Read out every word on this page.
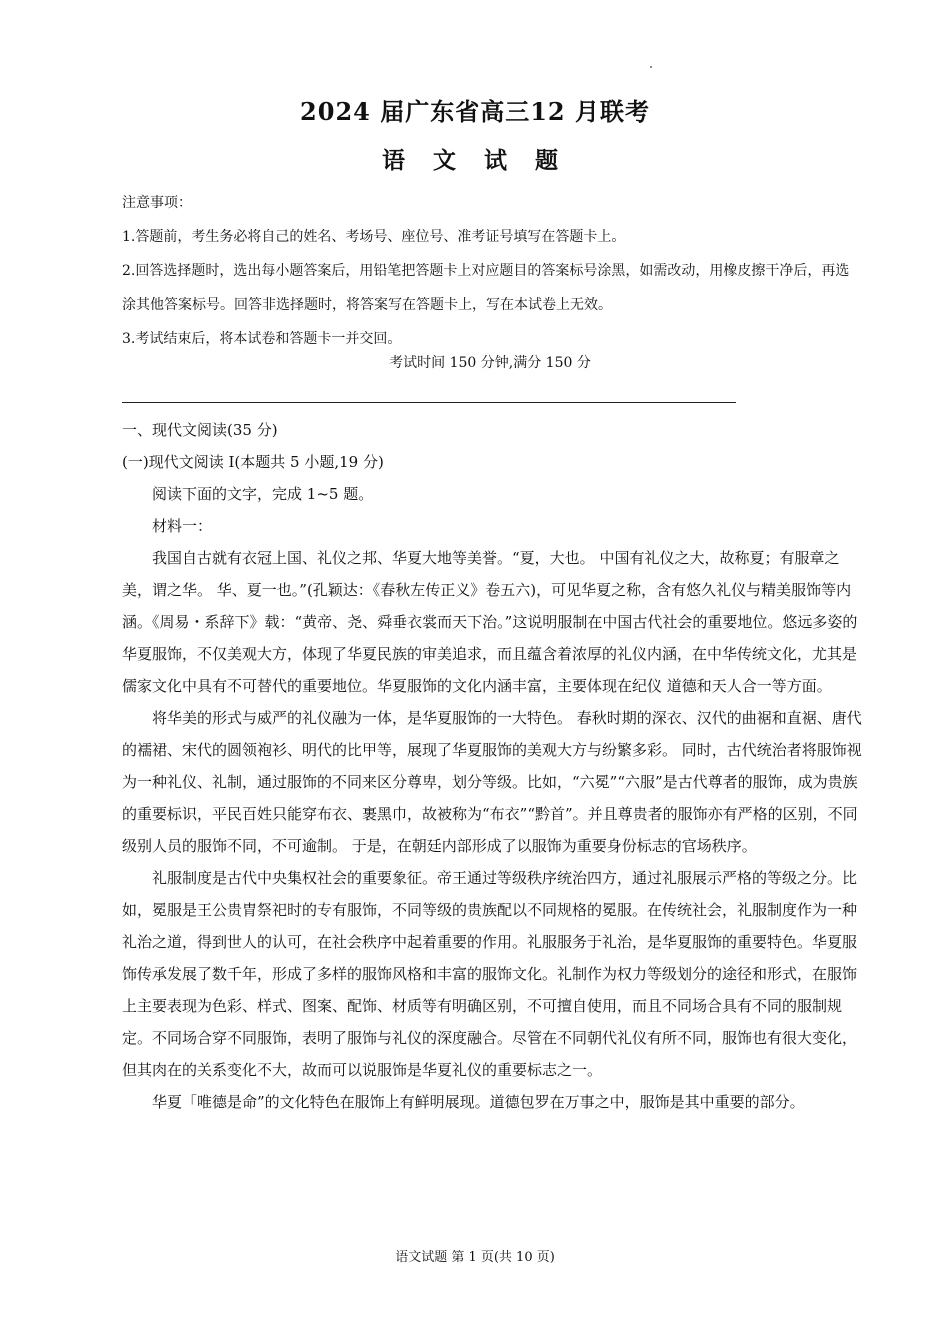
2024 届广东省高三12 月联考
语 文 试 题

注意事项：

1.答题前，考生务必将自己的姓名、考场号、座位号、准考证号填写在答题卡上。

2.回答选择题时，选出每小题答案后，用铅笔把答题卡上对应题目的答案标号涂黑，如需改动，用橡皮擦干净后，再选涂其他答案标号。回答非选择题时，将答案写在答题卡上，写在本试卷上无效。

3.考试结束后，将本试卷和答题卡一并交回。

考试时间 150 分钟,满分 150 分

一、现代文阅读(35 分)

(一)现代文阅读 Ⅰ(本题共 5 小题,19 分)

阅读下面的文字，完成 1~5 题。

材料一：

我国自古就有衣冠上国、礼仪之邦、华夏大地等美誉。“夏，大也。 中国有礼仪之大，故称夏；有服章之美，谓之华。 华、夏一也。”(孔颖达：《春秋左传正义》卷五六)，可见华夏之称，含有悠久礼仪与精美服饰等内涵。《周易・系辞下》载：“黄帝、尧、舜垂衣裳而天下治。”这说明服制在中国古代社会的重要地位。悠远多姿的华夏服饰，不仅美观大方，体现了华夏民族的审美追求，而且蕴含着浓厚的礼仪内涵，在中华传统文化，尤其是儒家文化中具有不可替代的重要地位。华夏服饰的文化内涵丰富，主要体现在纪仪 道德和天人合一等方面。

将华美的形式与威严的礼仪融为一体，是华夏服饰的一大特色。 春秋时期的深衣、汉代的曲裾和直裾、唐代的襦裙、宋代的圆领袍衫、明代的比甲等，展现了华夏服饰的美观大方与纷繁多彩。 同时，古代统治者将服饰视为一种礼仪、礼制，通过服饰的不同来区分尊卑，划分等级。比如，“六冕”“六服”是古代尊者的服饰，成为贵族的重要标识，平民百姓只能穿布衣、裹黑巾，故被称为“布衣”“黔首”。并且尊贵者的服饰亦有严格的区别，不同级别人员的服饰不同，不可逾制。 于是，在朝廷内部形成了以服饰为重要身份标志的官场秩序。

礼服制度是古代中央集权社会的重要象征。帝王通过等级秩序统治四方，通过礼服展示严格的等级之分。比如，冕服是王公贵胄祭祀时的专有服饰，不同等级的贵族配以不同规格的冕服。在传统社会，礼服制度作为一种礼治之道，得到世人的认可，在社会秩序中起着重要的作用。礼服服务于礼治，是华夏服饰的重要特色。华夏服饰传承发展了数千年，形成了多样的服饰风格和丰富的服饰文化。礼制作为权力等级划分的途径和形式，在服饰上主要表现为色彩、样式、图案、配饰、材质等有明确区别，不可擅自使用，而且不同场合具有不同的服制规定。不同场合穿不同服饰，表明了服饰与礼仪的深度融合。尽管在不同朝代礼仪有所不同，服饰也有很大变化，但其肉在的关系变化不大，故而可以说服饰是华夏礼仪的重要标志之一。

华夏「唯德是命”的文化特色在服饰上有鲜明展现。道德包罗在万事之中，服饰是其中重要的部分。

语文试题 第 1 页(共 10 页)
